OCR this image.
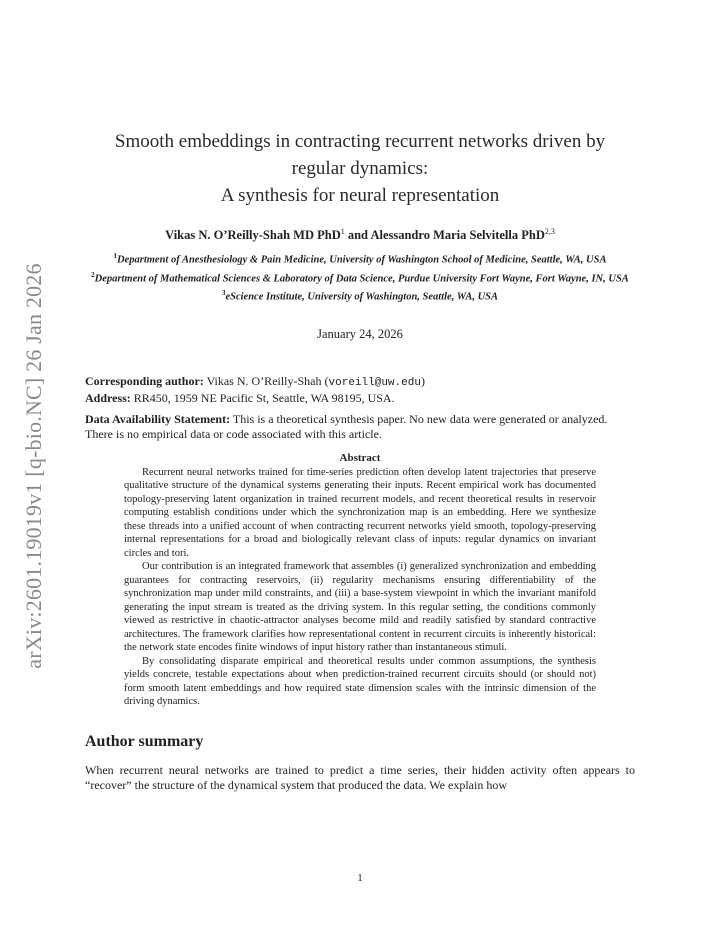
arXiv:2601.19019v1 [q-bio.NC] 26 Jan 2026
Smooth embeddings in contracting recurrent networks driven by
regular dynamics:
A synthesis for neural representation
Vikas N. O’Reilly-Shah MD PhD$^1$ and Alessandro Maria Selvitella PhD$^{2,3}$
$^1$Department of Anesthesiology & Pain Medicine, University of Washington School of Medicine, Seattle, WA, USA
$^2$Department of Mathematical Sciences & Laboratory of Data Science, Purdue University Fort Wayne, Fort Wayne, IN, USA
$^3$eScience Institute, University of Washington, Seattle, WA, USA
January 24, 2026
Corresponding author: Vikas N. O’Reilly-Shah (voreill@uw.edu)
Address: RR450, 1959 NE Pacific St, Seattle, WA 98195, USA.
Data Availability Statement: This is a theoretical synthesis paper. No new data were generated or analyzed. There is no empirical data or code associated with this article.
Abstract

Recurrent neural networks trained for time-series prediction often develop latent trajectories that preserve qualitative structure of the dynamical systems generating their inputs. Recent empirical work has documented topology-preserving latent organization in trained recurrent models, and recent theoretical results in reservoir computing establish conditions under which the synchronization map is an embedding. Here we synthesize these threads into a unified account of when contracting recurrent networks yield smooth, topology-preserving internal representations for a broad and biologically relevant class of inputs: regular dynamics on invariant circles and tori.

Our contribution is an integrated framework that assembles (i) generalized synchronization and embedding guarantees for contracting reservoirs, (ii) regularity mechanisms ensuring differentiability of the synchronization map under mild constraints, and (iii) a base-system viewpoint in which the invariant manifold generating the input stream is treated as the driving system. In this regular setting, the conditions commonly viewed as restrictive in chaotic-attractor analyses become mild and readily satisfied by standard contractive architectures. The framework clarifies how representational content in recurrent circuits is inherently historical: the network state encodes finite windows of input history rather than instantaneous stimuli.

By consolidating disparate empirical and theoretical results under common assumptions, the synthesis yields concrete, testable expectations about when prediction-trained recurrent circuits should (or should not) form smooth latent embeddings and how required state dimension scales with the intrinsic dimension of the driving dynamics.

Author summary
When recurrent neural networks are trained to predict a time series, their hidden activity often appears to “recover” the structure of the dynamical system that produced the data. We explain how
1
